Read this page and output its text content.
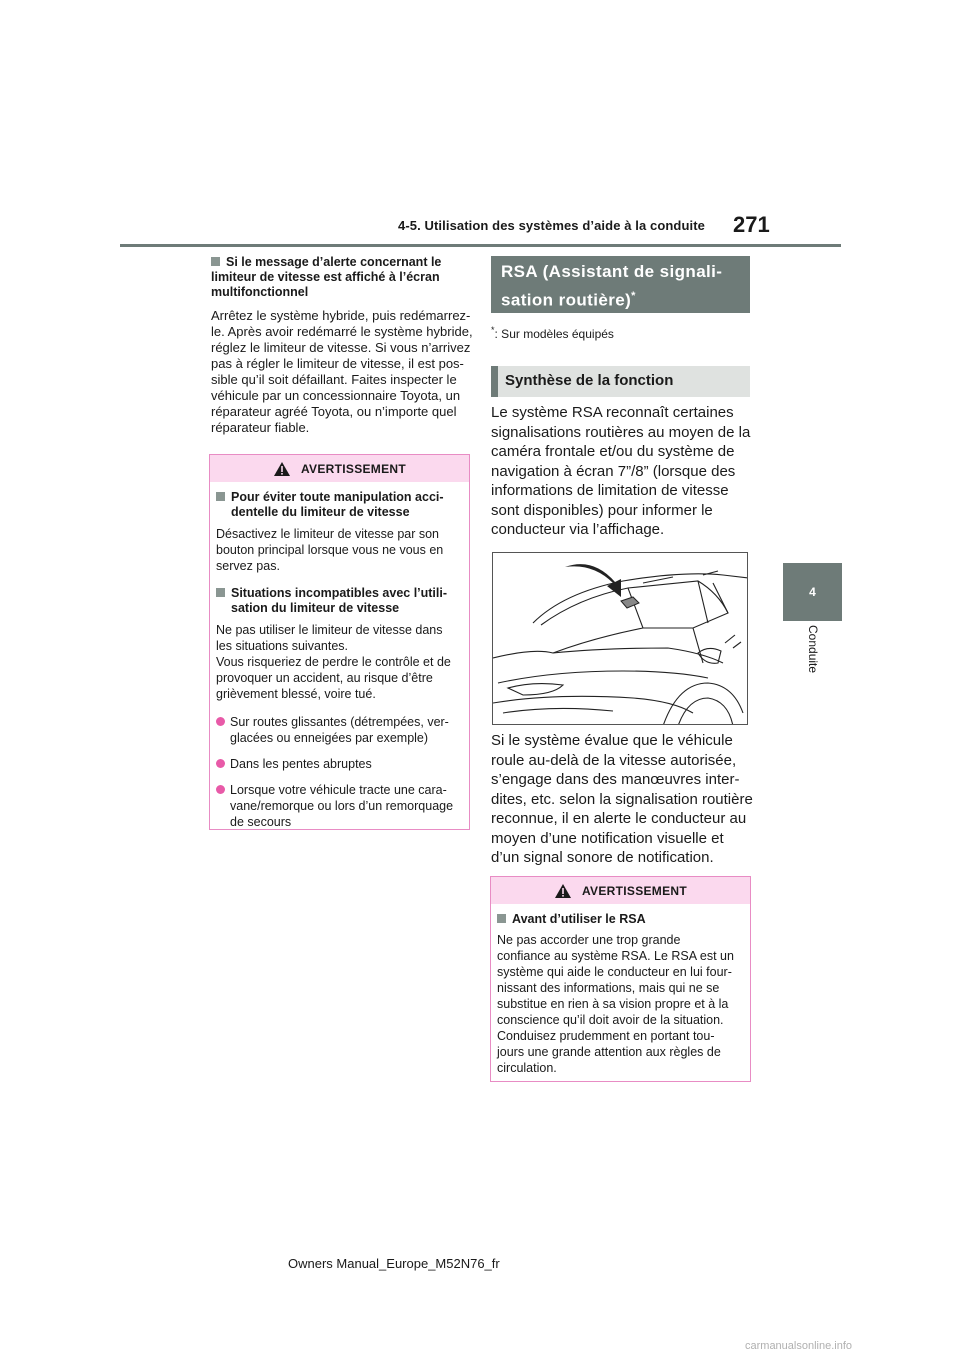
4-5. Utilisation des systèmes d’aide à la conduite 271
4
Conduite
Si le message d’alerte concernant le limiteur de vitesse est affiché à l’écran multifonctionnel
Arrêtez le système hybride, puis redémarrez-
le. Après avoir redémarré le système hybride,
réglez le limiteur de vitesse. Si vous n’arrivez
pas à régler le limiteur de vitesse, il est pos-
sible qu’il soit défaillant. Faites inspecter le
véhicule par un concessionnaire Toyota, un
réparateur agréé Toyota, ou n’importe quel
réparateur fiable.
AVERTISSEMENT
Pour éviter toute manipulation acci-
dentelle du limiteur de vitesse
Désactivez le limiteur de vitesse par son
bouton principal lorsque vous ne vous en
servez pas.
Situations incompatibles avec l’utili-
sation du limiteur de vitesse
Ne pas utiliser le limiteur de vitesse dans
les situations suivantes.
Vous risqueriez de perdre le contrôle et de
provoquer un accident, au risque d’être
grièvement blessé, voire tué.
Sur routes glissantes (détrempées, ver-
glacées ou enneigées par exemple)
Dans les pentes abruptes
Lorsque votre véhicule tracte une cara-
vane/remorque ou lors d’un remorquage
de secours
RSA (Assistant de signali-
sation routière)*
*: Sur modèles équipés
Synthèse de la fonction
Le système RSA reconnaît certaines
signalisations routières au moyen de la
caméra frontale et/ou du système de
navigation à écran 7”/8” (lorsque des
informations de limitation de vitesse
sont disponibles) pour informer le
conducteur via l’affichage.
Si le système évalue que le véhicule
roule au-delà de la vitesse autorisée,
s’engage dans des manœuvres inter-
dites, etc. selon la signalisation routière
reconnue, il en alerte le conducteur au
moyen d’une notification visuelle et
d’un signal sonore de notification.
AVERTISSEMENT
Avant d’utiliser le RSA
Ne pas accorder une trop grande
confiance au système RSA. Le RSA est un
système qui aide le conducteur en lui four-
nissant des informations, mais qui ne se
substitue en rien à sa vision propre et à la
conscience qu’il doit avoir de la situation.
Conduisez prudemment en portant tou-
jours une grande attention aux règles de
circulation.
Owners Manual_Europe_M52N76_fr
carmanualsonline.info
